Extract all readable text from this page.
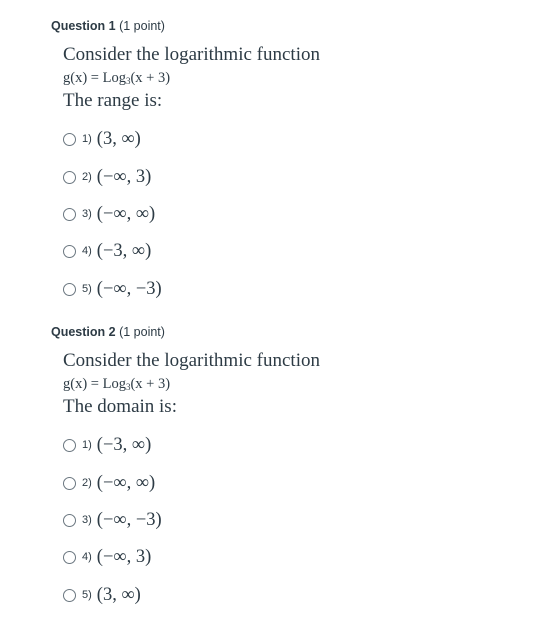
Question 1 (1 point)
Consider the logarithmic function
g(x) = Log3(x + 3)
The range is:
1) (3, ∞)
2) (−∞, 3)
3) (−∞, ∞)
4) (−3, ∞)
5) (−∞, −3)
Question 2 (1 point)
Consider the logarithmic function
g(x) = Log3(x + 3)
The domain is:
1) (−3, ∞)
2) (−∞, ∞)
3) (−∞, −3)
4) (−∞, 3)
5) (3, ∞)
